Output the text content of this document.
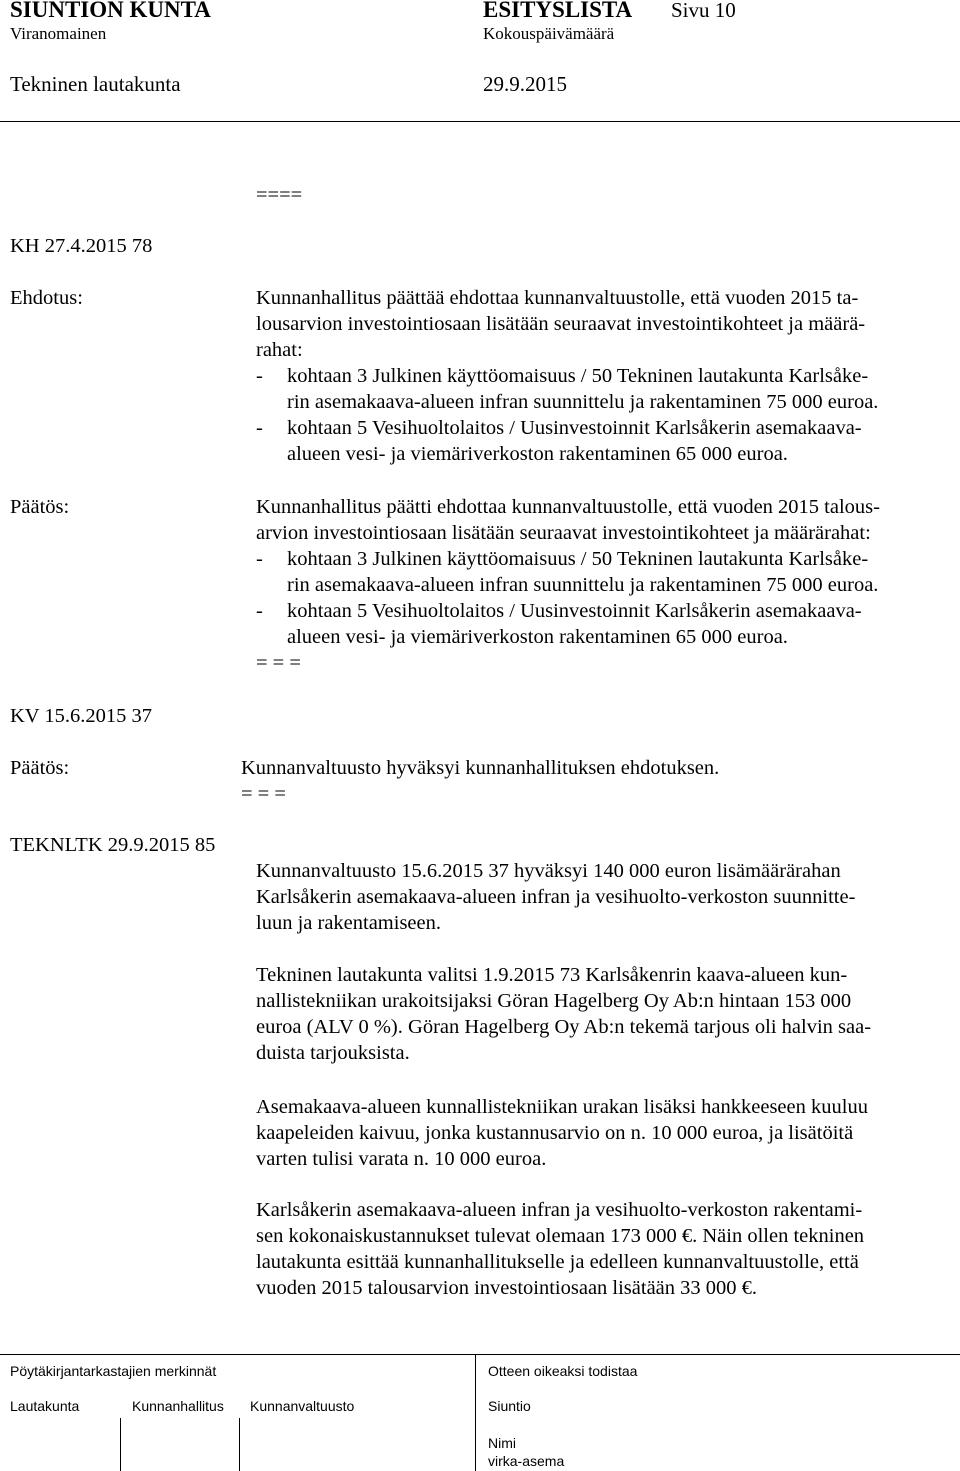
SIUNTION KUNTA	ESITYSLISTA Sivu 10
Viranomainen	Kokouspäivämäärä
Tekninen lautakunta	29.9.2015
====
KH 27.4.2015 78
Ehdotus:	Kunnanhallitus päättää ehdottaa kunnanvaltuustolle, että vuoden 2015 ta-
lousarvion investointiosaan lisätään seuraavat investointikohteet ja määrä-
rahat:
- kohtaan 3 Julkinen käyttöomaisuus / 50 Tekninen lautakunta Karlsåke-
rin asemakaava-alueen infran suunnittelu ja rakentaminen 75 000 euroa.
- kohtaan 5 Vesihuoltolaitos / Uusinvestoinnit Karlsåkerin asemakaava-
alueen vesi- ja viemäriverkoston rakentaminen 65 000 euroa.
Päätös:	Kunnanhallitus päätti ehdottaa kunnanvaltuustolle, että vuoden 2015 talous-
arvion investointiosaan lisätään seuraavat investointikohteet ja määrärahat:
- kohtaan 3 Julkinen käyttöomaisuus / 50 Tekninen lautakunta Karlsåke-
rin asemakaava-alueen infran suunnittelu ja rakentaminen 75 000 euroa.
- kohtaan 5 Vesihuoltolaitos / Uusinvestoinnit Karlsåkerin asemakaava-
alueen vesi- ja viemäriverkoston rakentaminen 65 000 euroa.
= = =
KV 15.6.2015 37
Päätös:	Kunnanvaltuusto hyväksyi kunnanhallituksen ehdotuksen.
= = =
TEKNLTK 29.9.2015 85
Kunnanvaltuusto 15.6.2015 37 hyväksyi 140 000 euron lisämäärärahan
Karlsåkerin asemakaava-alueen infran ja vesihuolto-verkoston suunnitte-
luun ja rakentamiseen.
Tekninen lautakunta valitsi 1.9.2015 73 Karlsåkenrin kaava-alueen kun-
nallistekniikan urakoitsijaksi Göran Hagelberg Oy Ab:n hintaan 153 000
euroa (ALV 0 %). Göran Hagelberg Oy Ab:n tekemä tarjous oli halvin saa-
duista tarjouksista.
Asemakaava-alueen kunnallistekniikan urakan lisäksi hankkeeseen kuuluu
kaapeleiden kaivuu, jonka kustannusarvio on n. 10 000 euroa, ja lisätöitä
varten tulisi varata n. 10 000 euroa.
Karlsåkerin asemakaava-alueen infran ja vesihuolto-verkoston rakentami-
sen kokonaiskustannukset tulevat olemaan 173 000 €. Näin ollen tekninen
lautakunta esittää kunnanhallitukselle ja edelleen kunnanvaltuustolle, että
vuoden 2015 talousarvion investointiosaan lisätään 33 000 €.
Pöytäkirjantarkastajien merkinnät	Otteen oikeaksi todistaa
Lautakunta	Kunnanhallitus Kunnanvaltuusto	Siuntio
Nimi
virka-asema
